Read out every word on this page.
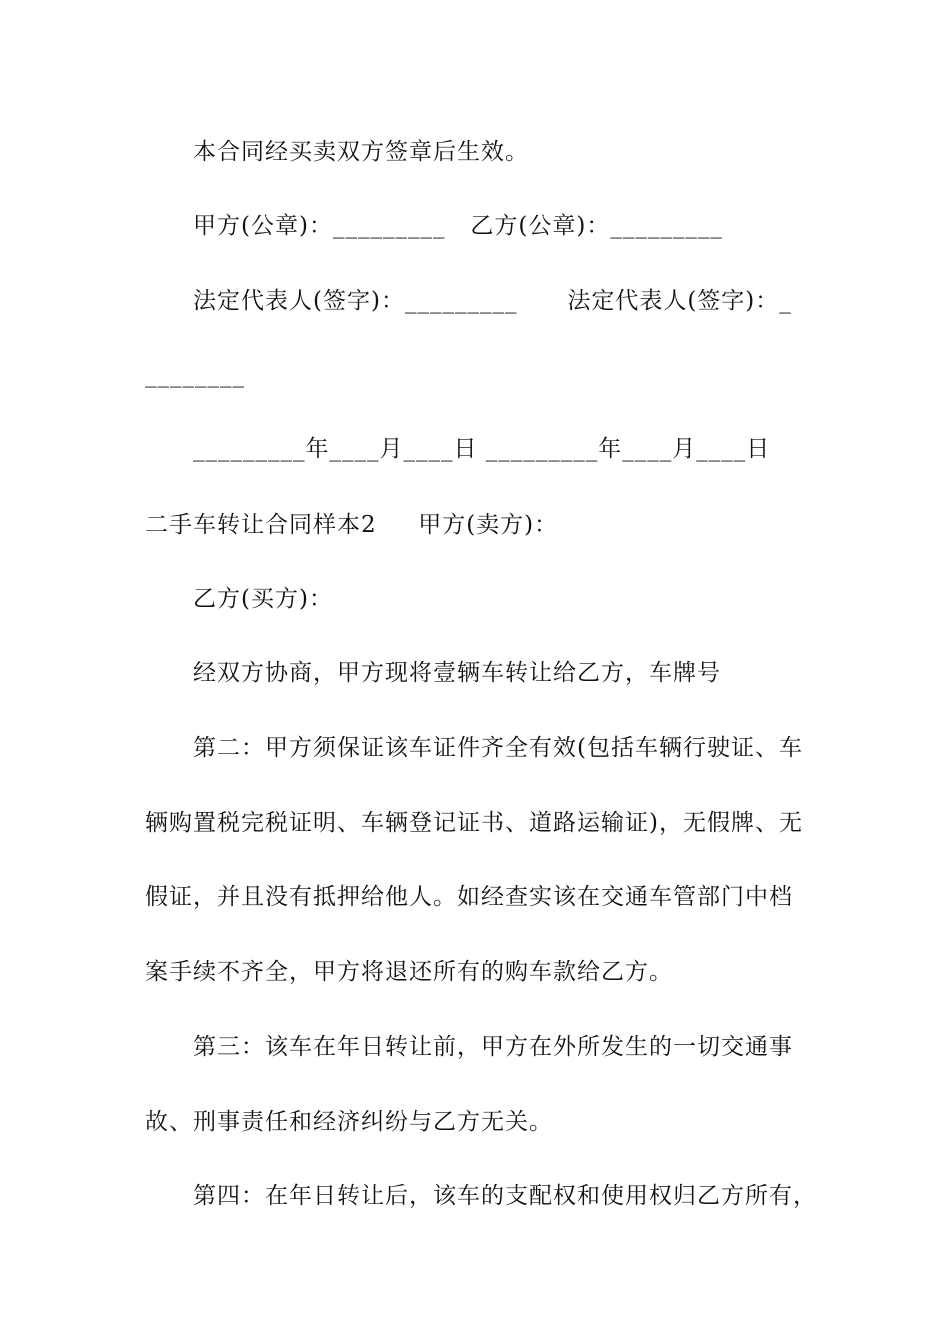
本合同经买卖双方签章后生效。
甲方(公章)：_________   乙方(公章)：_________
法定代表人(签字)：_________      法定代表人(签字)：_
________
_________年____月____日 _________年____月____日
二手车转让合同样本2     甲方(卖方)：
乙方(买方)：
经双方协商，甲方现将壹辆车转让给乙方，车牌号
第二：甲方须保证该车证件齐全有效(包括车辆行驶证、车
辆购置税完税证明、车辆登记证书、道路运输证)，无假牌、无
假证，并且没有抵押给他人。如经查实该在交通车管部门中档
案手续不齐全，甲方将退还所有的购车款给乙方。
第三：该车在年日转让前，甲方在外所发生的一切交通事
故、刑事责任和经济纠纷与乙方无关。
第四：在年日转让后，该车的支配权和使用权归乙方所有，
